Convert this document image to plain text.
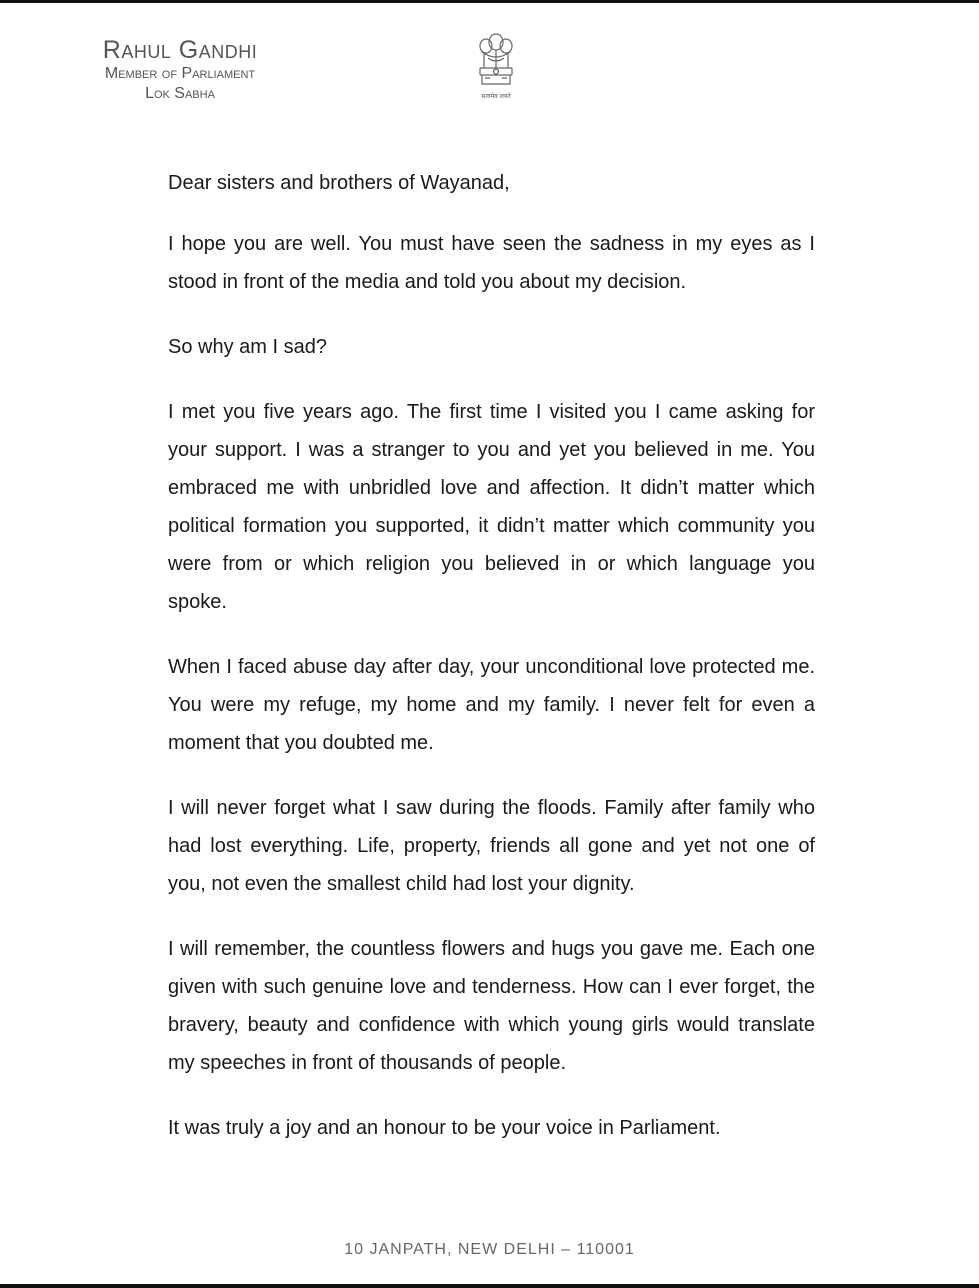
Rahul Gandhi
Member of Parliament
Lok Sabha	सत्यमेव जयते

Dear sisters and brothers of Wayanad,

I hope you are well. You must have seen the sadness in my eyes as I stood in front of the media and told you about my decision.

So why am I sad?

I met you five years ago. The first time I visited you I came asking for your support. I was a stranger to you and yet you believed in me. You embraced me with unbridled love and affection. It didn’t matter which political formation you supported, it didn’t matter which community you were from or which religion you believed in or which language you spoke.

When I faced abuse day after day, your unconditional love protected me. You were my refuge, my home and my family. I never felt for even a moment that you doubted me.

I will never forget what I saw during the floods. Family after family who had lost everything. Life, property, friends all gone and yet not one of you, not even the smallest child had lost your dignity.

I will remember, the countless flowers and hugs you gave me. Each one given with such genuine love and tenderness. How can I ever forget, the bravery, beauty and confidence with which young girls would translate my speeches in front of thousands of people.

It was truly a joy and an honour to be your voice in Parliament.

10 JANPATH, NEW DELHI – 110001
